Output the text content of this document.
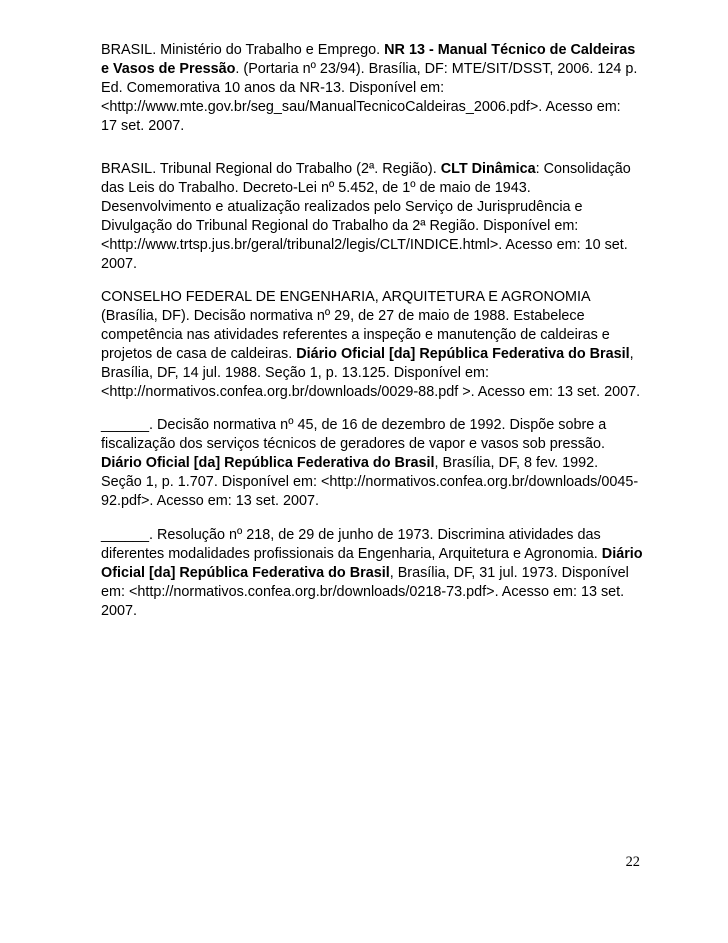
BRASIL. Ministério do Trabalho e Emprego. NR 13 - Manual Técnico de Caldeiras
e Vasos de Pressão. (Portaria nº 23/94). Brasília, DF: MTE/SIT/DSST, 2006. 124 p.
Ed. Comemorativa 10 anos da NR-13. Disponível em:
<http://www.mte.gov.br/seg_sau/ManualTecnicoCaldeiras_2006.pdf>. Acesso em:
17 set. 2007.
BRASIL. Tribunal Regional do Trabalho (2ª. Região). CLT Dinâmica: Consolidação
das Leis do Trabalho. Decreto-Lei nº 5.452, de 1º de maio de 1943.
Desenvolvimento e atualização realizados pelo Serviço de Jurisprudência e
Divulgação do Tribunal Regional do Trabalho da 2ª Região. Disponível em:
<http://www.trtsp.jus.br/geral/tribunal2/legis/CLT/INDICE.html>. Acesso em: 10 set.
2007.
CONSELHO FEDERAL DE ENGENHARIA, ARQUITETURA E AGRONOMIA
(Brasília, DF). Decisão normativa nº 29, de 27 de maio de 1988. Estabelece
competência nas atividades referentes a inspeção e manutenção de caldeiras e
projetos de casa de caldeiras. Diário Oficial [da] República Federativa do Brasil,
Brasília, DF, 14 jul. 1988. Seção 1, p. 13.125. Disponível em:
<http://normativos.confea.org.br/downloads/0029-88.pdf >. Acesso em: 13 set. 2007.
______. Decisão normativa nº 45, de 16 de dezembro de 1992. Dispõe sobre a
fiscalização dos serviços técnicos de geradores de vapor e vasos sob pressão.
Diário Oficial [da] República Federativa do Brasil, Brasília, DF, 8 fev. 1992.
Seção 1, p. 1.707. Disponível em: <http://normativos.confea.org.br/downloads/0045-
92.pdf>. Acesso em: 13 set. 2007.
______. Resolução nº 218, de 29 de junho de 1973. Discrimina atividades das
diferentes modalidades profissionais da Engenharia, Arquitetura e Agronomia. Diário
Oficial [da] República Federativa do Brasil, Brasília, DF, 31 jul. 1973. Disponível
em: <http://normativos.confea.org.br/downloads/0218-73.pdf>. Acesso em: 13 set.
2007.
22
